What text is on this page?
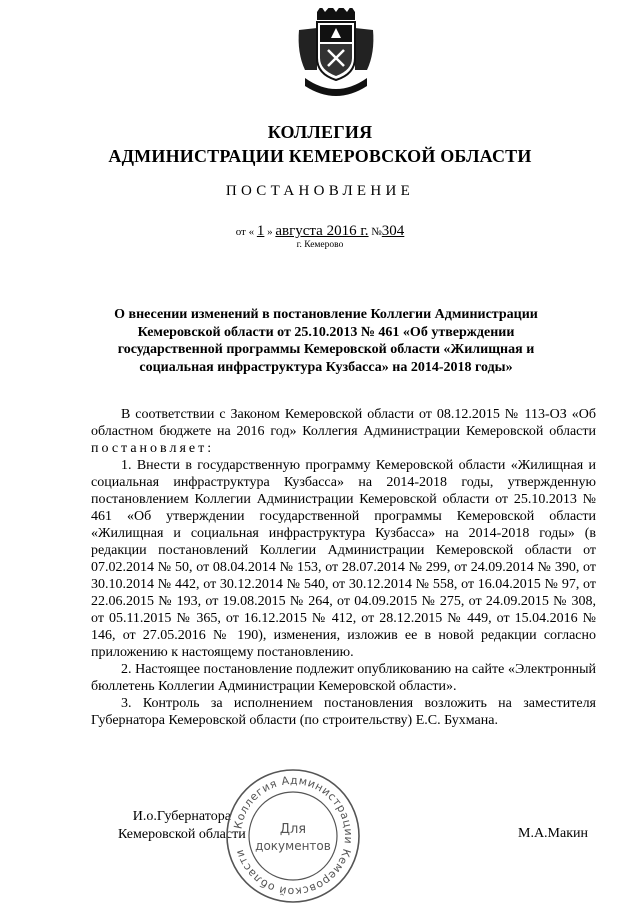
КОЛЛЕГИЯ
АДМИНИСТРАЦИИ КЕМЕРОВСКОЙ ОБЛАСТИ
ПОСТАНОВЛЕНИЕ
от « 1 » августа 2016 г. №304
г. Кемерово
О внесении изменений в постановление Коллегии Администрации Кемеровской области от 25.10.2013 № 461 «Об утверждении государственной программы Кемеровской области «Жилищная и социальная инфраструктура Кузбасса» на 2014-2018 годы»

В соответствии с Законом Кемеровской области от 08.12.2015 № 113-ОЗ «Об областном бюджете на 2016 год» Коллегия Администрации Кемеровской области постановляет:

1. Внести в государственную программу Кемеровской области «Жилищная и социальная инфраструктура Кузбасса» на 2014-2018 годы, утвержденную постановлением Коллегии Администрации Кемеровской области от 25.10.2013 № 461 «Об утверждении государственной программы Кемеровской области «Жилищная и социальная инфраструктура Кузбасса» на 2014-2018 годы» (в редакции постановлений Коллегии Администрации Кемеровской области от 07.02.2014 № 50, от 08.04.2014 № 153, от 28.07.2014 № 299, от 24.09.2014 № 390, от 30.10.2014 № 442, от 30.12.2014 № 540, от 30.12.2014 № 558, от 16.04.2015 № 97, от 22.06.2015 № 193, от 19.08.2015 № 264, от 04.09.2015 № 275, от 24.09.2015 № 308, от 05.11.2015 № 365, от 16.12.2015 № 412, от 28.12.2015 № 449, от 15.04.2016 № 146, от 27.05.2016 № 190), изменения, изложив ее в новой редакции согласно приложению к настоящему постановлению.

2. Настоящее постановление подлежит опубликованию на сайте «Электронный бюллетень Коллегии Администрации Кемеровской области».

3. Контроль за исполнением постановления возложить на заместителя Губернатора Кемеровской области (по строительству) Е.С. Бухмана.

И.о.Губернатора
Кемеровской области	М.А.Макин
Коллегия Администрации Кемеровской области
Для
документов
